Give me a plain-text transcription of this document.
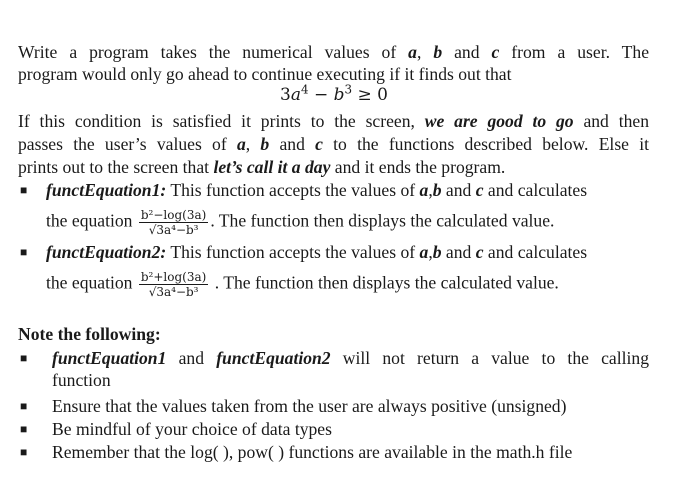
Write a program takes the numerical values of a, b and c from a user. The
program would only go ahead to continue executing if it finds out that
$3a^4 - b^3 \ge 0$
If this condition is satisfied it prints to the screen, we are good to go and then
passes the user’s values of a, b and c to the functions described below. Else it
prints out to the screen that let’s call it a day and it ends the program.
■ functEquation1: This function accepts the values of a,b and c and calculates
the equation $\frac{\text{b²−log(3a)}}{\text{√3a⁴−b³}}$ . The function then displays the calculated value.
■ functEquation2: This function accepts the values of a,b and c and calculates
the equation $\frac{\text{b²+log(3a)}}{\text{√3a⁴−b³}}$ . The function then displays the calculated value.
Note the following:
■ functEquation1 and functEquation2 will not return a value to the calling
function
■ Ensure that the values taken from the user are always positive (unsigned)
■ Be mindful of your choice of data types
■ Remember that the log( ), pow( ) functions are available in the math.h file
